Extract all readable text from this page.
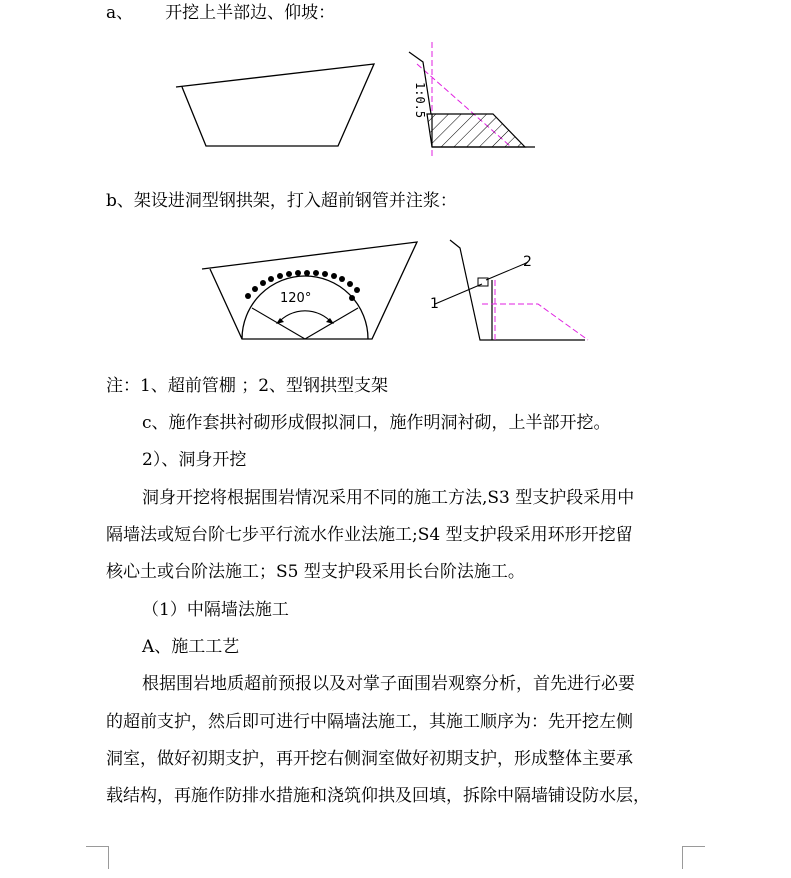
a、 开挖上半部边、仰坡：
1:0.5
b、架设进洞型钢拱架，打入超前钢管并注浆：
120°	1
2
注：1、超前管棚 ；2、型钢拱型支架
c、施作套拱衬砌形成假拟洞口，施作明洞衬砌，上半部开挖。
2）、洞身开挖
洞身开挖将根据围岩情况采用不同的施工方法,S3 型支护段采用中
隔墙法或短台阶七步平行流水作业法施工;S4 型支护段采用环形开挖留
核心土或台阶法施工；S5 型支护段采用长台阶法施工。
（1）中隔墙法施工
A、施工工艺
根据围岩地质超前预报以及对掌子面围岩观察分析，首先进行必要
的超前支护，然后即可进行中隔墙法施工，其施工顺序为：先开挖左侧
洞室，做好初期支护，再开挖右侧洞室做好初期支护，形成整体主要承
载结构，再施作防排水措施和浇筑仰拱及回填，拆除中隔墙铺设防水层，
